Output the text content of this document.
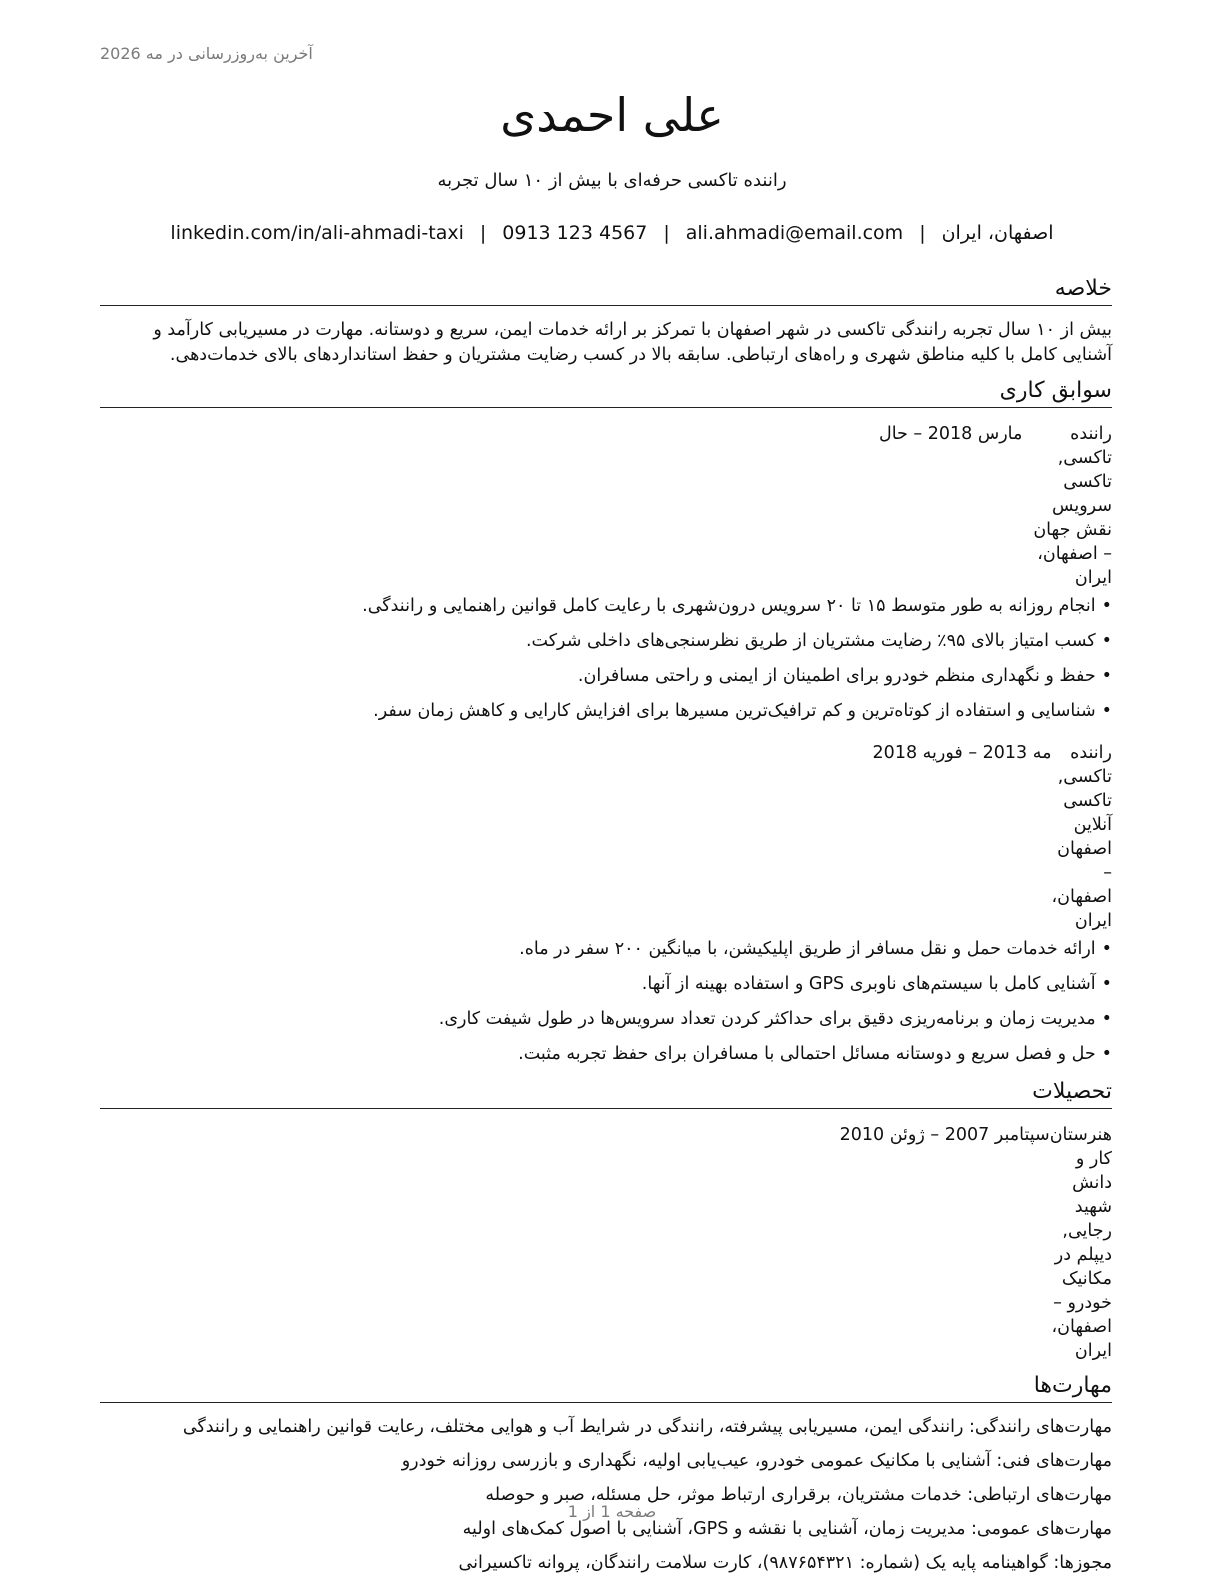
آخرین به‌روزرسانی در مه 2026
علی احمدی
راننده تاکسی حرفه‌ای با بیش از ۱۰ سال تجربه
اصفهان، ایران
|
ali.ahmadi@email.com
|
0913 123 4567
|
linkedin.com/in/ali-ahmadi-taxi
خلاصه

بیش از ۱۰ سال تجربه رانندگی تاکسی در شهر اصفهان با تمرکز بر ارائه خدمات ایمن، سریع و دوستانه. مهارت در مسیریابی کارآمد و آشنایی کامل با کلیه مناطق شهری و راه‌های ارتباطی. سابقه بالا در کسب رضایت مشتریان و حفظ استانداردهای بالای خدمات‌دهی.

سوابق کاری
راننده تاکسی, تاکسی سرویس نقش جهان – اصفهان، ایران
مارس 2018 – حال
•انجام روزانه به طور متوسط ۱۵ تا ۲۰ سرویس درون‌شهری با رعایت کامل قوانین راهنمایی و رانندگی.
•کسب امتیاز بالای ۹۵٪ رضایت مشتریان از طریق نظرسنجی‌های داخلی شرکت.
•حفظ و نگهداری منظم خودرو برای اطمینان از ایمنی و راحتی مسافران.
•شناسایی و استفاده از کوتاه‌ترین و کم ترافیک‌ترین مسیرها برای افزایش کارایی و کاهش زمان سفر.
راننده تاکسی, تاکسی آنلاین اصفهان – اصفهان، ایران
مه 2013 – فوریه 2018
•ارائه خدمات حمل و نقل مسافر از طریق اپلیکیشن، با میانگین ۲۰۰ سفر در ماه.
•آشنایی کامل با سیستم‌های ناوبری GPS و استفاده بهینه از آنها.
•مدیریت زمان و برنامه‌ریزی دقیق برای حداکثر کردن تعداد سرویس‌ها در طول شیفت کاری.
•حل و فصل سریع و دوستانه مسائل احتمالی با مسافران برای حفظ تجربه مثبت.
تحصیلات
هنرستان کار و دانش شهید رجایی, دیپلم در مکانیک خودرو – اصفهان، ایران
سپتامبر 2007 – ژوئن 2010
مهارت‌ها
مهارت‌های رانندگی: رانندگی ایمن، مسیریابی پیشرفته، رانندگی در شرایط آب و هوایی مختلف، رعایت قوانین راهنمایی و رانندگی
مهارت‌های فنی: آشنایی با مکانیک عمومی خودرو، عیب‌یابی اولیه، نگهداری و بازرسی روزانه خودرو
مهارت‌های ارتباطی: خدمات مشتریان، برقراری ارتباط موثر، حل مسئله، صبر و حوصله
مهارت‌های عمومی: مدیریت زمان، آشنایی با نقشه و GPS، آشنایی با اصول کمک‌های اولیه
مجوزها: گواهینامه پایه یک (شماره: ۹۸۷۶۵۴۳۲۱)، کارت سلامت رانندگان، پروانه تاکسیرانی
صفحه 1 از 1
